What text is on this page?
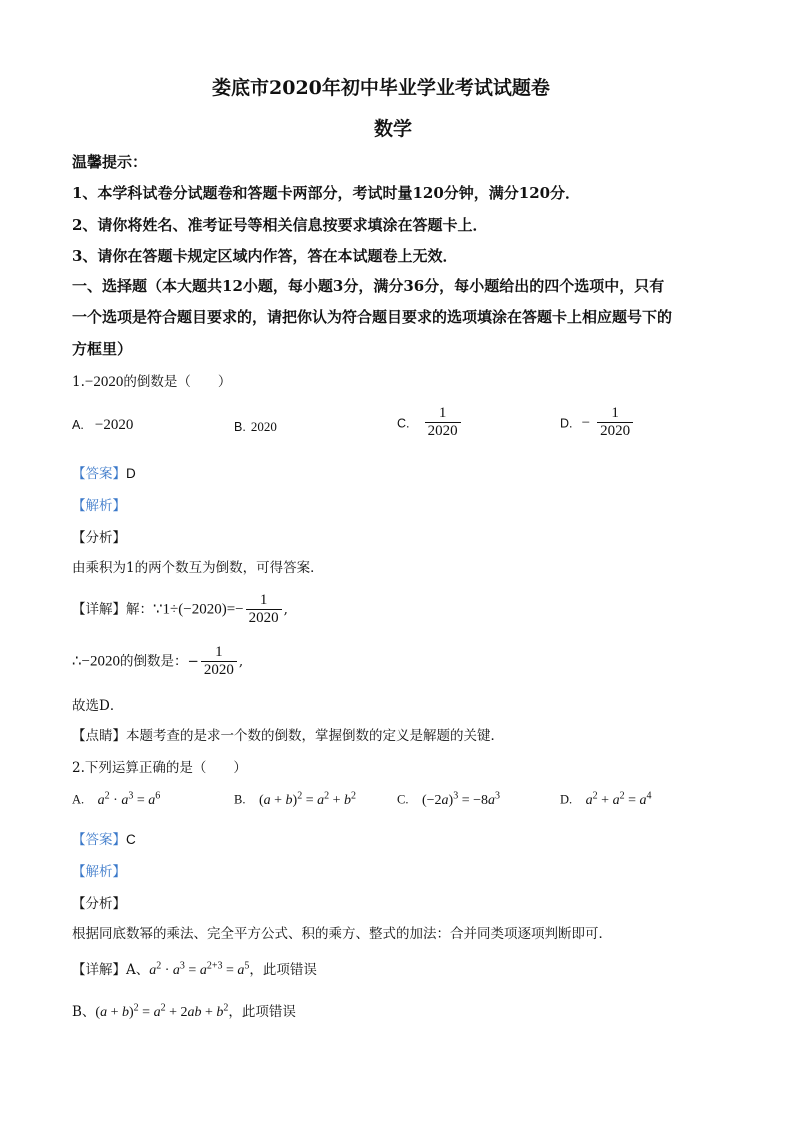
娄底市2020年初中毕业学业考试试题卷
数学
温馨提示：
1、本学科试卷分试题卷和答题卡两部分，考试时量120分钟，满分120分．
2、请你将姓名、准考证号等相关信息按要求填涂在答题卡上．
3、请你在答题卡规定区域内作答，答在本试题卷上无效．
一、选择题（本大题共12小题，每小题3分，满分36分，每小题给出的四个选项中，只有
一个选项是符合题目要求的，请把你认为符合题目要求的选项填涂在答题卡上相应题号下的
方框里）
1.−2020的倒数是（　　）
A. −2020	B. 2020	C. $\frac{1}{2020}$	D. − $\frac{1}{2020}$
【答案】D
【解析】
【分析】
由乘积为1的两个数互为倒数，可得答案．
【详解】解：∵1÷(−2020)=− $\frac{1}{2020}$ ,
∴−2020的倒数是：− $\frac{1}{2020}$ ,
故选D．
【点睛】本题考查的是求一个数的倒数，掌握倒数的定义是解题的关键．
2.下列运算正确的是（　　）
A. $a^2 \cdot a^3 = a^6$	B. $(a + b)^2 = a^2 + b^2$	C. $(-2a)^3 = -8a^3$	D. $a^2 + a^2 = a^4$
【答案】C
【解析】
【分析】
根据同底数幂的乘法、完全平方公式、积的乘方、整式的加法：合并同类项逐项判断即可．
【详解】A、$a^2 \cdot a^3 = a^{2+3} = a^5$，此项错误
B、$(a + b)^2 = a^2 + 2ab + b^2$，此项错误
